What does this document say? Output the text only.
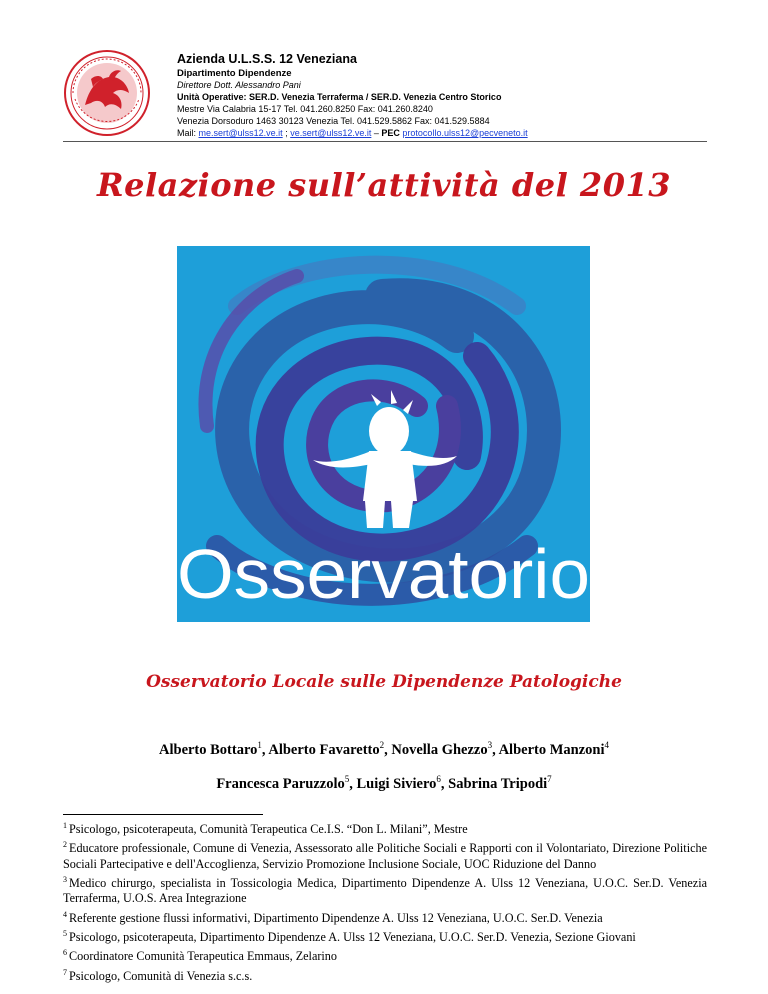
Azienda U.L.S.S. 12 Veneziana
Dipartimento Dipendenze
Direttore Dott. Alessandro Pani
Unità Operative: SER.D. Venezia Terraferma / SER.D. Venezia Centro Storico
Mestre Via Calabria 15-17 Tel. 041.260.8250 Fax: 041.260.8240
Venezia Dorsoduro 1463 30123 Venezia Tel. 041.529.5862 Fax: 041.529.5884
Mail: me.sert@ulss12.ve.it ; ve.sert@ulss12.ve.it – PEC protocollo.ulss12@pecveneto.it
Relazione sull’attività del 2013
Osservatorio
Osservatorio Locale sulle Dipendenze Patologiche
Alberto Bottaro$^1$, Alberto Favaretto$^2$, Novella Ghezzo$^3$, Alberto Manzoni$^4$
Francesca Paruzzolo$^5$, Luigi Siviero$^6$, Sabrina Tripodi$^7$
$^1$ Psicologo, psicoterapeuta, Comunità Terapeutica Ce.I.S. “Don L. Milani”, Mestre
$^2$ Educatore professionale, Comune di Venezia, Assessorato alle Politiche Sociali e Rapporti con il Volontariato, Direzione Politiche Sociali Partecipative e dell'Accoglienza, Servizio Promozione Inclusione Sociale, UOC Riduzione del Danno
$^3$ Medico chirurgo, specialista in Tossicologia Medica, Dipartimento Dipendenze A. Ulss 12 Veneziana, U.O.C. Ser.D. Venezia Terraferma, U.O.S. Area Integrazione
$^4$ Referente gestione flussi informativi, Dipartimento Dipendenze A. Ulss 12 Veneziana, U.O.C. Ser.D. Venezia
$^5$ Psicologo, psicoterapeuta, Dipartimento Dipendenze A. Ulss 12 Veneziana, U.O.C. Ser.D. Venezia, Sezione Giovani
$^6$ Coordinatore Comunità Terapeutica Emmaus, Zelarino
$^7$ Psicologo, Comunità di Venezia s.c.s.
